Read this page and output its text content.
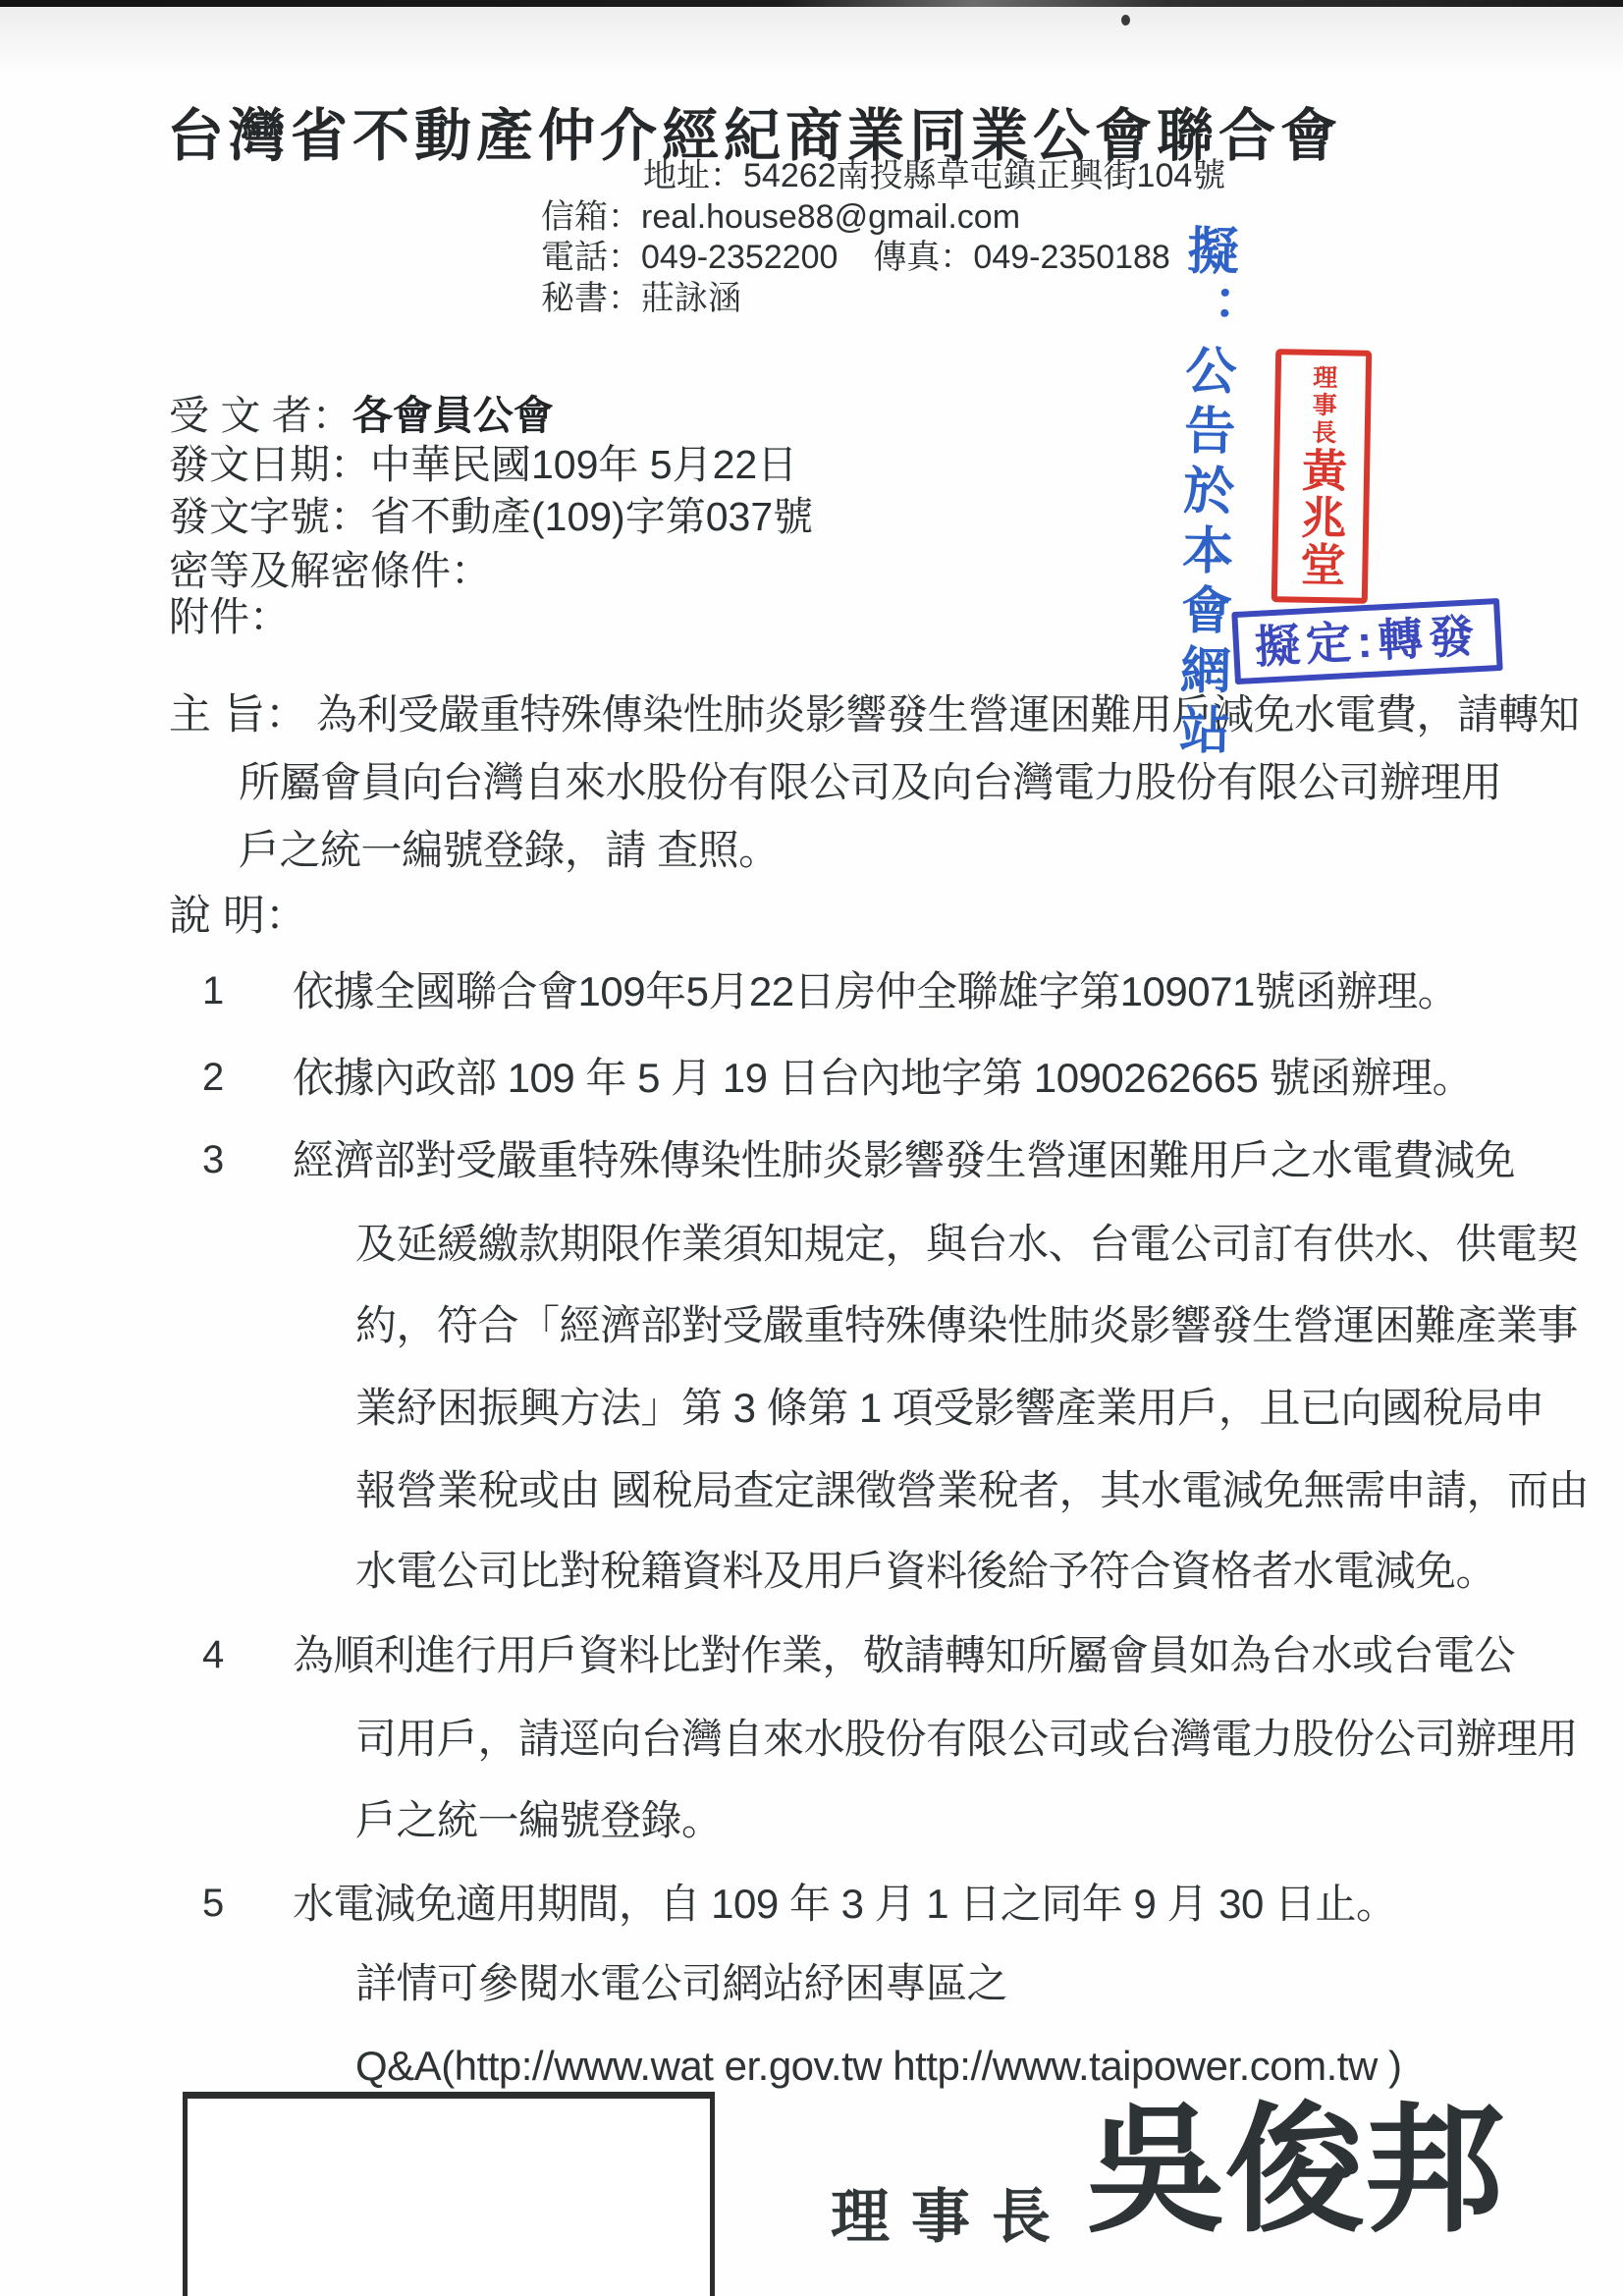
台灣省不動產仲介經紀商業同業公會聯合會
地址：54262南投縣草屯鎮正興街104號
信箱：real.house88@gmail.com
電話：049-2352200 傳真：049-2350188
秘書：莊詠涵
受 文 者：各會員公會
發文日期：中華民國109年 5月22日
發文字號：省不動產(109)字第037號
密等及解密條件：
附件：
主 旨： 為利受嚴重特殊傳染性肺炎影響發生營運困難用戶減免水電費，請轉知
所屬會員向台灣自來水股份有限公司及向台灣電力股份有限公司辦理用
戶之統一編號登錄，請 查照。
說 明：
1 依據全國聯合會109年5月22日房仲全聯雄字第109071號函辦理。
2 依據內政部 109 年 5 月 19 日台內地字第 1090262665 號函辦理。
3 經濟部對受嚴重特殊傳染性肺炎影響發生營運困難用戶之水電費減免
及延緩繳款期限作業須知規定，與台水、台電公司訂有供水、供電契
約，符合「經濟部對受嚴重特殊傳染性肺炎影響發生營運困難產業事
業紓困振興方法」第 3 條第 1 項受影響產業用戶，且已向國稅局申
報營業稅或由 國稅局查定課徵營業稅者，其水電減免無需申請，而由
水電公司比對稅籍資料及用戶資料後給予符合資格者水電減免。
4 為順利進行用戶資料比對作業，敬請轉知所屬會員如為台水或台電公
司用戶，請逕向台灣自來水股份有限公司或台灣電力股份公司辦理用
戶之統一編號登錄。
5 水電減免適用期間，自 109 年 3 月 1 日之同年 9 月 30 日止。
詳情可參閱水電公司網站紓困專區之
Q&A(http://www.wat er.gov.tw http://www.taipower.com.tw )
擬：公告於本會網站	理事長黃兆堂
擬定:轉發
理事長 吳俊邦
